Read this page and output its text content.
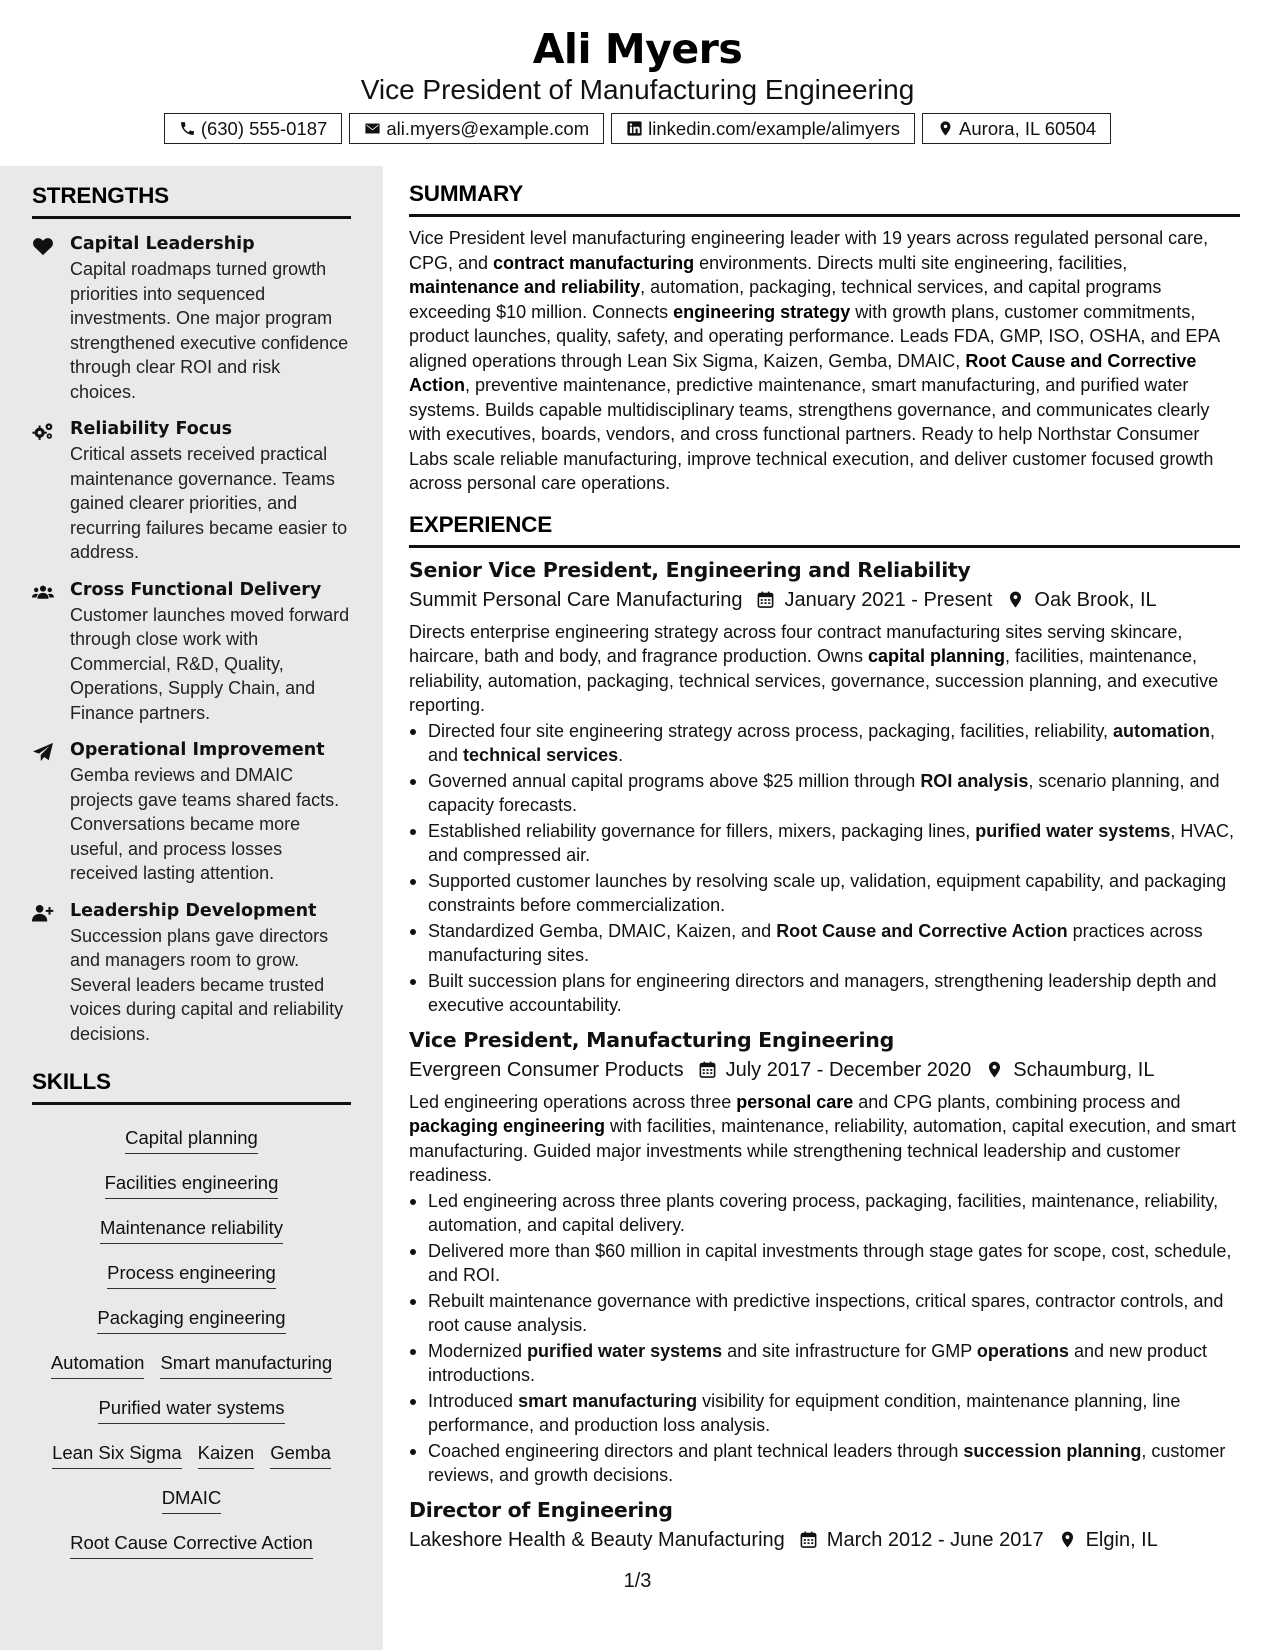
Ali Myers
Vice President of Manufacturing Engineering
(630) 555-0187	ali.myers@example.com	linkedin.com/example/alimyers	Aurora, IL 60504
STRENGTHS
Capital Leadership
Capital roadmaps turned growth priorities into sequenced investments. One major program strengthened executive confidence through clear ROI and risk choices.
Reliability Focus
Critical assets received practical maintenance governance. Teams gained clearer priorities, and recurring failures became easier to address.
Cross Functional Delivery
Customer launches moved forward through close work with Commercial, R&D, Quality, Operations, Supply Chain, and Finance partners.
Operational Improvement
Gemba reviews and DMAIC projects gave teams shared facts. Conversations became more useful, and process losses received lasting attention.
Leadership Development
Succession plans gave directors and managers room to grow. Several leaders became trusted voices during capital and reliability decisions.
SKILLS
Capital planning
Facilities engineering
Maintenance reliability
Process engineering
Packaging engineering
Automation Smart manufacturing
Purified water systems
Lean Six Sigma Kaizen Gemba
DMAIC
Root Cause Corrective Action
SUMMARY
Vice President level manufacturing engineering leader with 19 years across regulated personal care, CPG, and contract manufacturing environments. Directs multi site engineering, facilities, maintenance and reliability, automation, packaging, technical services, and capital programs exceeding $10 million. Connects engineering strategy with growth plans, customer commitments, product launches, quality, safety, and operating performance. Leads FDA, GMP, ISO, OSHA, and EPA aligned operations through Lean Six Sigma, Kaizen, Gemba, DMAIC, Root Cause and Corrective Action, preventive maintenance, predictive maintenance, smart manufacturing, and purified water systems. Builds capable multidisciplinary teams, strengthens governance, and communicates clearly with executives, boards, vendors, and cross functional partners. Ready to help Northstar Consumer Labs scale reliable manufacturing, improve technical execution, and deliver customer focused growth across personal care operations.
EXPERIENCE
Senior Vice President, Engineering and Reliability
Summit Personal Care Manufacturing January 2021 - Present Oak Brook, IL
Directs enterprise engineering strategy across four contract manufacturing sites serving skincare, haircare, bath and body, and fragrance production. Owns capital planning, facilities, maintenance, reliability, automation, packaging, technical services, governance, succession planning, and executive reporting.
Directed four site engineering strategy across process, packaging, facilities, reliability, automation, and technical services.
Governed annual capital programs above $25 million through ROI analysis, scenario planning, and capacity forecasts.
Established reliability governance for fillers, mixers, packaging lines, purified water systems, HVAC, and compressed air.
Supported customer launches by resolving scale up, validation, equipment capability, and packaging constraints before commercialization.
Standardized Gemba, DMAIC, Kaizen, and Root Cause and Corrective Action practices across manufacturing sites.
Built succession plans for engineering directors and managers, strengthening leadership depth and executive accountability.
Vice President, Manufacturing Engineering
Evergreen Consumer Products July 2017 - December 2020 Schaumburg, IL
Led engineering operations across three personal care and CPG plants, combining process and packaging engineering with facilities, maintenance, reliability, automation, capital execution, and smart manufacturing. Guided major investments while strengthening technical leadership and customer readiness.
Led engineering across three plants covering process, packaging, facilities, maintenance, reliability, automation, and capital delivery.
Delivered more than $60 million in capital investments through stage gates for scope, cost, schedule, and ROI.
Rebuilt maintenance governance with predictive inspections, critical spares, contractor controls, and root cause analysis.
Modernized purified water systems and site infrastructure for GMP operations and new product introductions.
Introduced smart manufacturing visibility for equipment condition, maintenance planning, line performance, and production loss analysis.
Coached engineering directors and plant technical leaders through succession planning, customer reviews, and growth decisions.
Director of Engineering
Lakeshore Health & Beauty Manufacturing March 2012 - June 2017 Elgin, IL
1/3
